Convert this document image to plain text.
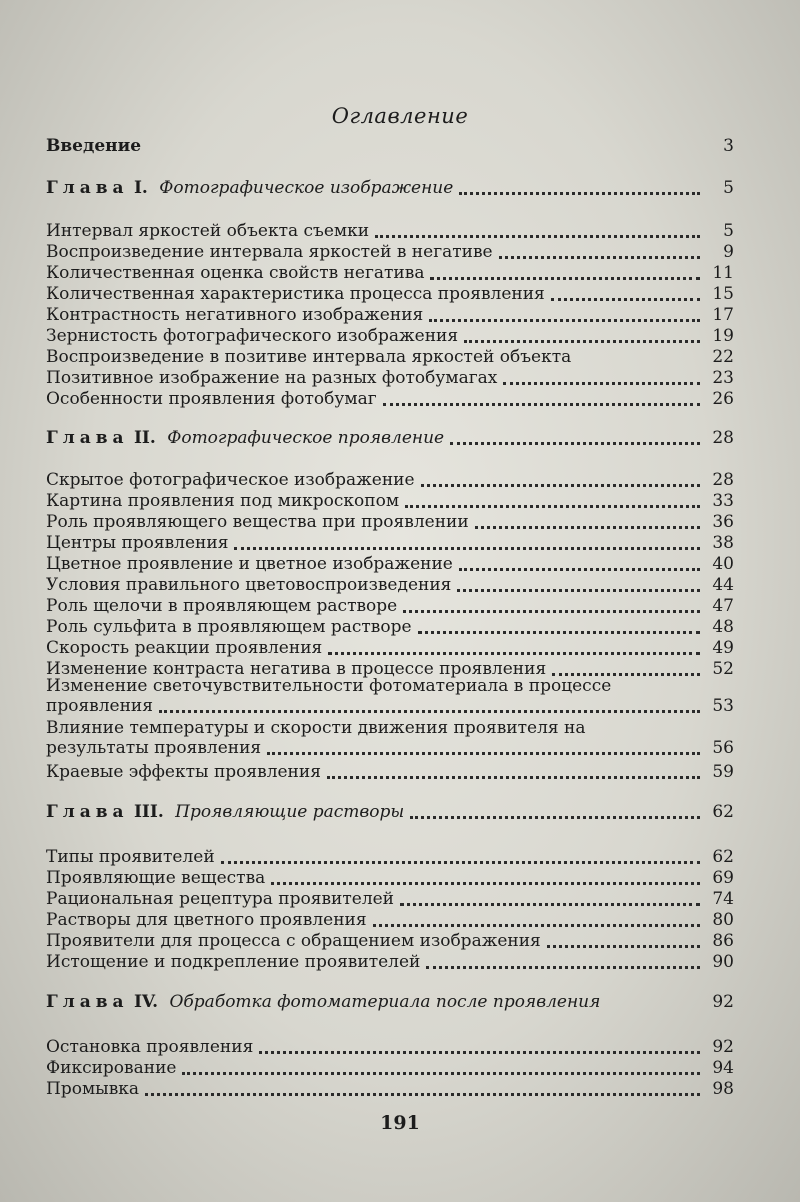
Оглавление
Введение	3
Глава I. Фотографическое изображение	5
Интервал яркостей объекта съемки	5
Воспроизведение интервала яркостей в негативе	9
Количественная оценка свойств негатива	11
Количественная характеристика процесса проявления	15
Контрастность негативного изображения	17
Зернистость фотографического изображения	19
Воспроизведение в позитиве интервала яркостей объекта	22
Позитивное изображение на разных фотобумагах	23
Особенности проявления фотобумаг	26
Глава II. Фотографическое проявление	28
Скрытое фотографическое изображение	28
Картина проявления под микроскопом	33
Роль проявляющего вещества при проявлении	36
Центры проявления	38
Цветное проявление и цветное изображение	40
Условия правильного цветовоспроизведения	44
Роль щелочи в проявляющем растворе	47
Роль сульфита в проявляющем растворе	48
Скорость реакции проявления	49
Изменение контраста негатива в процессе проявления	52
Изменение светочувствительности фотоматериала в процессе
проявления	53
Влияние температуры и скорости движения проявителя на
результаты проявления	56
Краевые эффекты проявления	59
Глава III. Проявляющие растворы	62
Типы проявителей	62
Проявляющие вещества	69
Рациональная рецептура проявителей	74
Растворы для цветного проявления	80
Проявители для процесса с обращением изображения	86
Истощение и подкрепление проявителей	90
Глава IV. Обработка фотоматериала после проявления	92
Остановка проявления	92
Фиксирование	94
Промывка	98
191
